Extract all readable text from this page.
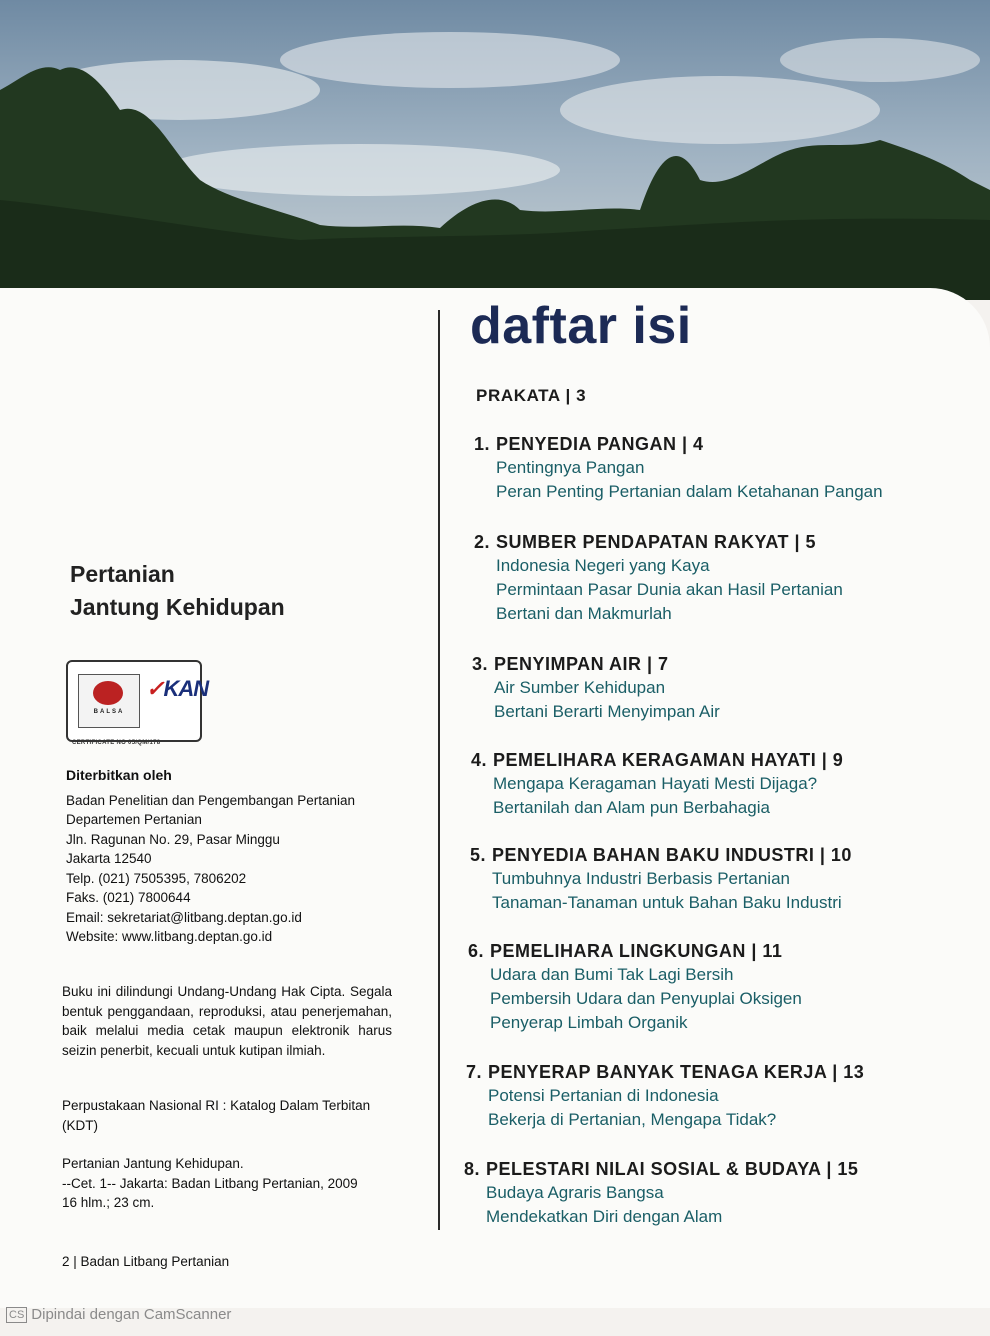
Pertanian
Jantung Kehidupan
BALSA
✓KAN
CERTIFICATE NO 05/QM/178
Diterbitkan oleh
Badan Penelitian dan Pengembangan Pertanian
Departemen Pertanian
Jln. Ragunan No. 29, Pasar Minggu
Jakarta 12540
Telp. (021) 7505395, 7806202
Faks. (021) 7800644
Email: sekretariat@litbang.deptan.go.id
Website: www.litbang.deptan.go.id
Buku ini dilindungi Undang-Undang Hak Cipta. Segala bentuk penggandaan, reproduksi, atau penerjemahan, baik melalui media cetak maupun elektronik harus seizin penerbit, kecuali untuk kutipan ilmiah.
Perpustakaan Nasional RI : Katalog Dalam Terbitan (KDT)
Pertanian Jantung Kehidupan.
--Cet. 1-- Jakarta: Badan Litbang Pertanian, 2009
16 hlm.; 23 cm.
2 | Badan Litbang Pertanian
daftar isi
PRAKATA | 3
1. PENYEDIA PANGAN | 4
Pentingnya Pangan
Peran Penting Pertanian dalam Ketahanan Pangan
2. SUMBER PENDAPATAN RAKYAT | 5
Indonesia Negeri yang Kaya
Permintaan Pasar Dunia akan Hasil Pertanian
Bertani dan Makmurlah
3. PENYIMPAN AIR | 7
Air Sumber Kehidupan
Bertani Berarti Menyimpan Air
4. PEMELIHARA KERAGAMAN HAYATI | 9
Mengapa Keragaman Hayati Mesti Dijaga?
Bertanilah dan Alam pun Berbahagia
5. PENYEDIA BAHAN BAKU INDUSTRI | 10
Tumbuhnya Industri Berbasis Pertanian
Tanaman-Tanaman untuk Bahan Baku Industri
6. PEMELIHARA LINGKUNGAN | 11
Udara dan Bumi Tak Lagi Bersih
Pembersih Udara dan Penyuplai Oksigen
Penyerap Limbah Organik
7. PENYERAP BANYAK TENAGA KERJA | 13
Potensi Pertanian di Indonesia
Bekerja di Pertanian, Mengapa Tidak?
8. PELESTARI NILAI SOSIAL & BUDAYA | 15
Budaya Agraris Bangsa
Mendekatkan Diri dengan Alam
CS Dipindai dengan CamScanner
